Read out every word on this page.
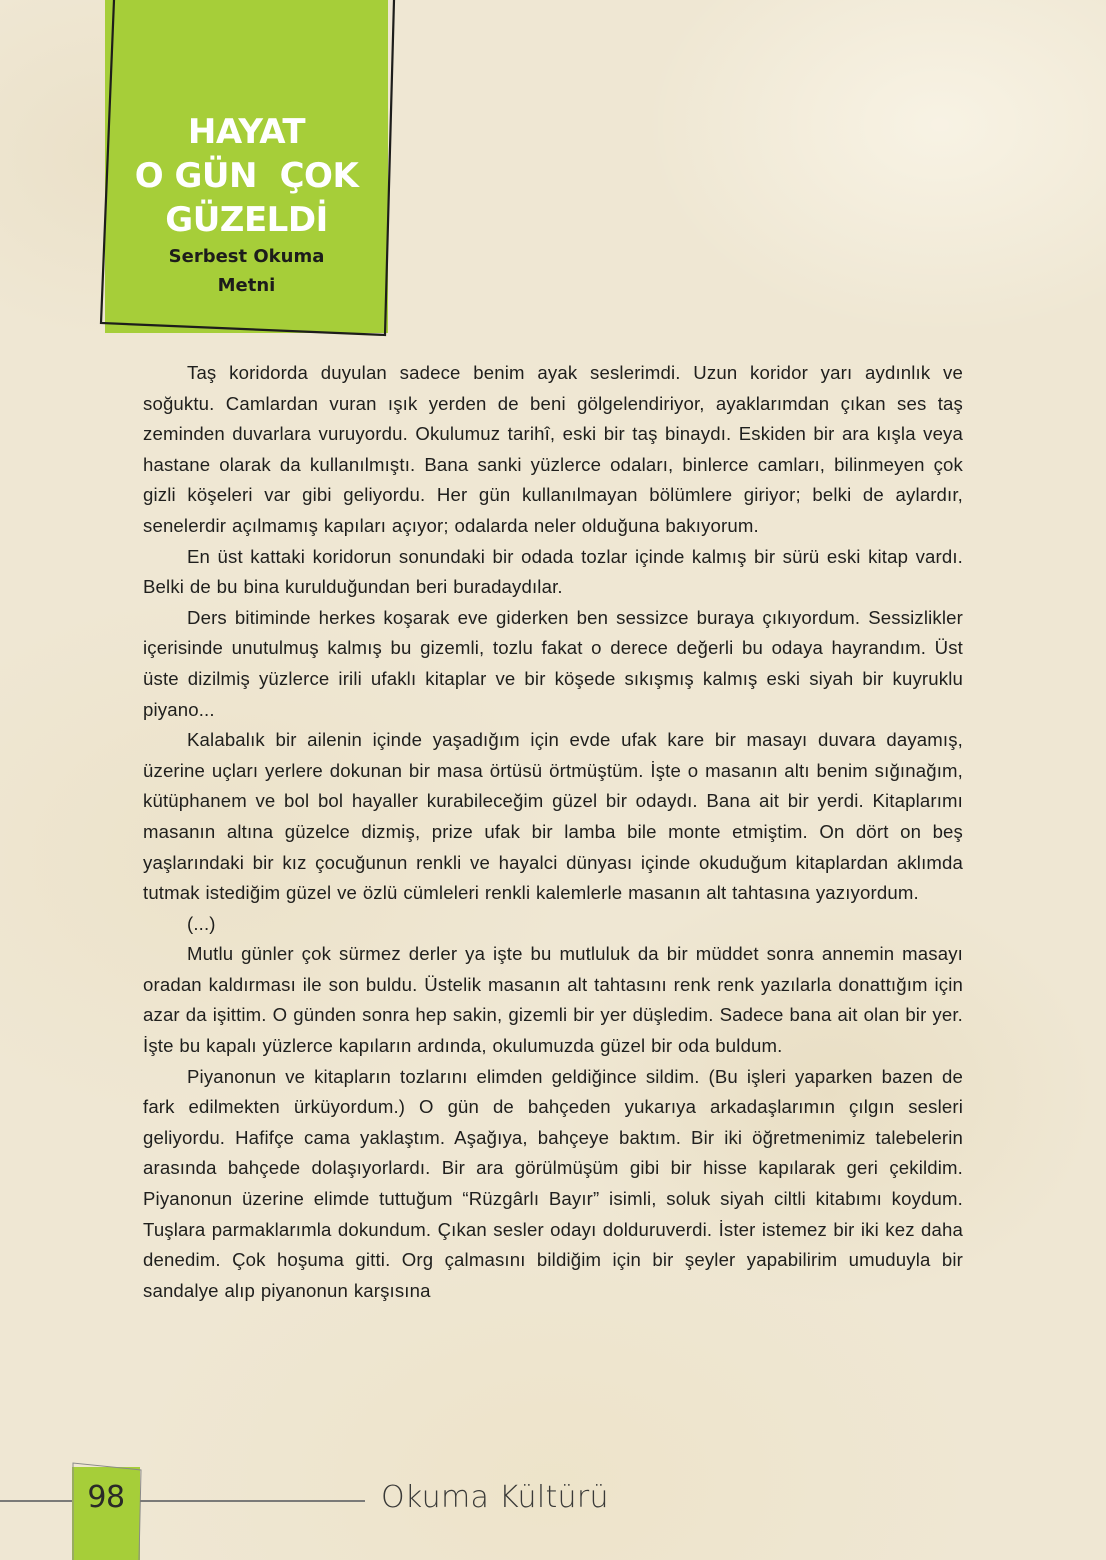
HAYAT
O GÜN  ÇOK
GÜZELDİ
Serbest Okuma
Metni

Taş koridorda duyulan sadece benim ayak seslerimdi. Uzun koridor yarı aydınlık ve soğuktu. Camlardan vuran ışık yerden de beni gölgelendiriyor, ayaklarımdan çıkan ses taş zeminden duvarlara vuruyordu. Okulumuz tarihî, eski bir taş binaydı. Eskiden bir ara kışla veya hastane olarak da kullanılmıştı. Bana sanki yüzlerce odaları, binlerce camları, bilinmeyen çok gizli köşeleri var gibi geliyordu. Her gün kullanılmayan bölümlere giriyor; belki de aylardır, senelerdir açılmamış kapıları açıyor; odalarda neler olduğuna bakıyorum.

En üst kattaki koridorun sonundaki bir odada tozlar içinde kalmış bir sürü eski kitap vardı. Belki de bu bina kurulduğundan beri buradaydılar.

Ders bitiminde herkes koşarak eve giderken ben sessizce buraya çıkıyordum. Sessizlikler içerisinde unutulmuş kalmış bu gizemli, tozlu fakat o derece değerli bu odaya hayrandım. Üst üste dizilmiş yüzlerce irili ufaklı kitaplar ve bir köşede sıkışmış kalmış eski siyah bir kuyruklu piyano...

Kalabalık bir ailenin içinde yaşadığım için evde ufak kare bir masayı duvara dayamış, üzerine uçları yerlere dokunan bir masa örtüsü örtmüştüm. İşte o masanın altı benim sığınağım, kütüphanem ve bol bol hayaller kurabileceğim güzel bir odaydı. Bana ait bir yerdi. Kitaplarımı masanın altına güzelce dizmiş, prize ufak bir lamba bile monte etmiştim. On dört on beş yaşlarındaki bir kız çocuğunun renkli ve hayalci dünyası içinde okuduğum kitaplardan aklımda tutmak istediğim güzel ve özlü cümleleri renkli kalemlerle masanın alt tahtasına yazıyordum.

(...)

Mutlu günler çok sürmez derler ya işte bu mutluluk da bir müddet sonra annemin masayı oradan kaldırması ile son buldu. Üstelik masanın alt tahtasını renk renk yazılarla donattığım için azar da işittim. O günden sonra hep sakin, gizemli bir yer düşledim. Sadece bana ait olan bir yer. İşte bu kapalı yüzlerce kapıların ardında, okulumuzda güzel bir oda buldum.

Piyanonun ve kitapların tozlarını elimden geldiğince sildim. (Bu işleri yaparken bazen de fark edilmekten ürküyordum.) O gün de bahçeden yukarıya arkadaşlarımın çılgın sesleri geliyordu. Hafifçe cama yaklaştım. Aşağıya, bahçeye baktım. Bir iki öğretmenimiz talebelerin arasında bahçede dolaşıyorlardı. Bir ara görülmüşüm gibi bir hisse kapılarak geri çekildim. Piyanonun üzerine elimde tuttuğum “Rüzgârlı Bayır” isimli, soluk siyah ciltli kitabımı koydum. Tuşlara parmaklarımla dokundum. Çıkan sesler odayı dolduruverdi. İster istemez bir iki kez daha denedim. Çok hoşuma gitti. Org çalmasını bildiğim için bir şeyler yapabilirim umuduyla bir sandalye alıp piyanonun karşısına

98	Okuma Kültürü
